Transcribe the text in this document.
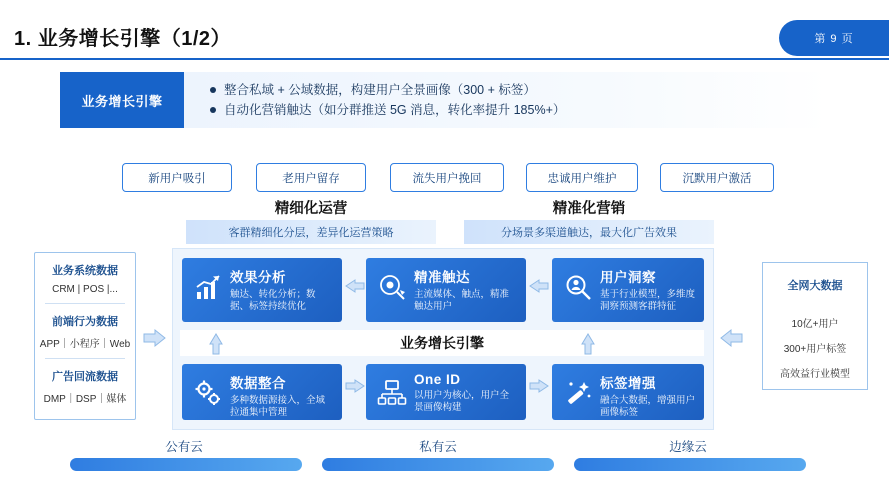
1. 业务增长引擎（1/2）	第 9 页
业务增长引擎
整合私域 + 公域数据，构建用户全景画像（300 + 标签）
自动化营销触达（如分群推送 5G 消息，转化率提升 185%+）
新用户吸引	老用户留存	流失用户挽回	忠诚用户维护	沉默用户激活
精细化运营
客群精细化分层，差异化运营策略
精准化营销
分场景多渠道触达，最大化广告效果
效果分析
触达、转化分析；数据、标签持续优化
精准触达
主流媒体、触点，精准触达用户
用户洞察
基于行业模型，多维度洞察预测客群特征
业务增长引擎
数据整合
多种数据源接入，全域拉通集中管理
One ID
以用户为核心，用户全景画像构建
标签增强
融合大数据，增强用户画像标签
业务系统数据
CRM | POS |...
前端行为数据
APP｜小程序｜Web
广告回流数据
DMP｜DSP｜媒体
全网大数据
10亿+用户
300+用户标签
高效益行业模型
公有云	私有云	边缘云
